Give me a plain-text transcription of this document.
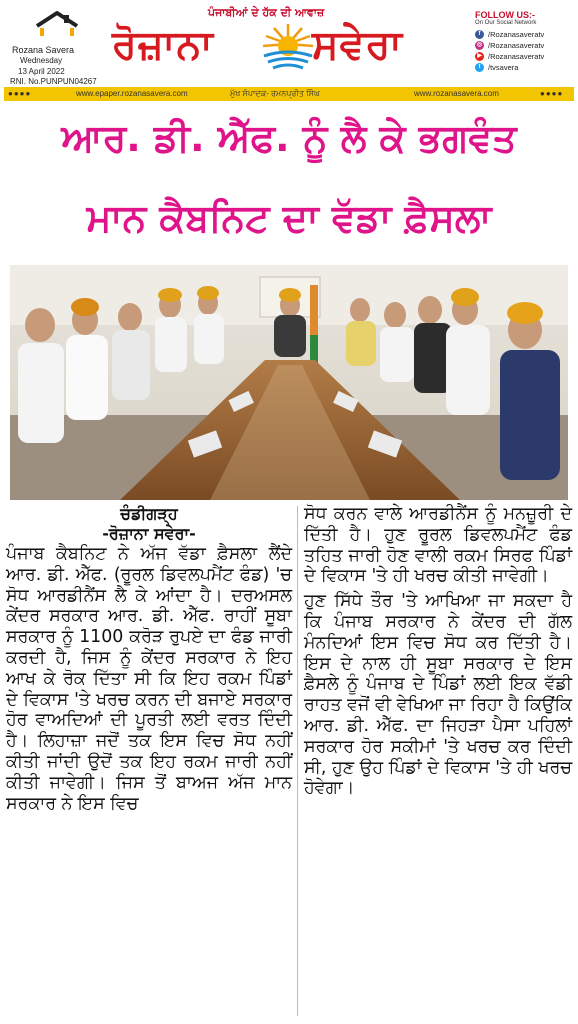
Rozana Savera
Wednesday
13 April 2022
RNI. No.PUNPUN04267
ਪੰਜਾਬੀਆਂ ਦੇ ਹੱਕ ਦੀ ਆਵਾਜ਼
ਰੋਜ਼ਾਨਾ ਸਵੇਰਾ
FOLLOW US:-
On Our Social Network
f	/Rozanasaveratv
◎ /Rozanasaveratv
▶ /Rozanasaveratv
t	/tvsavera
●●●●	www.epaper.rozanasavera.com	ਮੁੱਖ ਸੰਪਾਦਕ- ਰਮਨਪ੍ਰੀਤ ਸਿੰਘ	www.rozanasavera.com	●●●●
ਆਰ. ਡੀ. ਐੱਫ. ਨੂੰ ਲੈ ਕੇ ਭਗਵੰਤ
ਮਾਨ ਕੈਬਨਿਟ ਦਾ ਵੱਡਾ ਫ਼ੈਸਲਾ
ਚੰਡੀਗੜ੍ਹ
-ਰੋਜ਼ਾਨਾ ਸਵੇਰਾ-

ਪੰਜਾਬ ਕੈਬਨਿਟ ਨੇ ਅੱਜ ਵੱਡਾ ਫ਼ੈਸਲਾ ਲੈਂਦੇ ਆਰ. ਡੀ. ਐੱਫ. (ਰੂਰਲ ਡਿਵਲਪਮੈਂਟ ਫੰਡ) 'ਚ ਸੋਧ ਆਰਡੀਨੈਂਸ ਲੈ ਕੇ ਆਂਦਾ ਹੈ। ਦਰਅਸਲ ਕੇਂਦਰ ਸਰਕਾਰ ਆਰ. ਡੀ. ਐੱਫ. ਰਾਹੀਂ ਸੂਬਾ ਸਰਕਾਰ ਨੂੰ 1100 ਕਰੋੜ ਰੁਪਏ ਦਾ ਫੰਡ ਜਾਰੀ ਕਰਦੀ ਹੈ, ਜਿਸ ਨੂੰ ਕੇਂਦਰ ਸਰਕਾਰ ਨੇ ਇਹ ਆਖ ਕੇ ਰੋਕ ਦਿੱਤਾ ਸੀ ਕਿ ਇਹ ਰਕਮ ਪਿੰਡਾਂ ਦੇ ਵਿਕਾਸ 'ਤੇ ਖਰਚ ਕਰਨ ਦੀ ਬਜਾਏ ਸਰਕਾਰ ਹੋਰ ਵਾਅਦਿਆਂ ਦੀ ਪੂਰਤੀ ਲਈ ਵਰਤ ਦਿੰਦੀ ਹੈ। ਲਿਹਾਜ਼ਾ ਜਦੋਂ ਤਕ ਇਸ ਵਿਚ ਸੋਧ ਨਹੀਂ ਕੀਤੀ ਜਾਂਦੀ ਉਦੋਂ ਤਕ ਇਹ ਰਕਮ ਜਾਰੀ ਨਹੀਂ ਕੀਤੀ ਜਾਵੇਗੀ। ਜਿਸ ਤੋਂ ਬਾਅਜ ਅੱਜ ਮਾਨ ਸਰਕਾਰ ਨੇ ਇਸ ਵਿਚ

ਸੋਧ ਕਰਨ ਵਾਲੇ ਆਰਡੀਨੈਂਸ ਨੂੰ ਮਨਜ਼ੂਰੀ ਦੇ ਦਿੱਤੀ ਹੈ। ਹੁਣ ਰੂਰਲ ਡਿਵਲਪਮੈਂਟ ਫੰਡ ਤਹਿਤ ਜਾਰੀ ਹੋਣ ਵਾਲੀ ਰਕਮ ਸਿਰਫ ਪਿੰਡਾਂ ਦੇ ਵਿਕਾਸ 'ਤੇ ਹੀ ਖਰਚ ਕੀਤੀ ਜਾਵੇਗੀ।

ਹੁਣ ਸਿੱਧੇ ਤੌਰ 'ਤੇ ਆਖਿਆ ਜਾ ਸਕਦਾ ਹੈ ਕਿ ਪੰਜਾਬ ਸਰਕਾਰ ਨੇ ਕੇਂਦਰ ਦੀ ਗੱਲ ਮੰਨਦਿਆਂ ਇਸ ਵਿਚ ਸੋਧ ਕਰ ਦਿੱਤੀ ਹੈ। ਇਸ ਦੇ ਨਾਲ ਹੀ ਸੂਬਾ ਸਰਕਾਰ ਦੇ ਇਸ ਫ਼ੈਸਲੇ ਨੂੰ ਪੰਜਾਬ ਦੇ ਪਿੰਡਾਂ ਲਈ ਇਕ ਵੱਡੀ ਰਾਹਤ ਵਜੋਂ ਵੀ ਵੇਖਿਆ ਜਾ ਰਿਹਾ ਹੈ ਕਿਉਂਕਿ ਆਰ. ਡੀ. ਐੱਫ. ਦਾ ਜਿਹੜਾ ਪੈਸਾ ਪਹਿਲਾਂ ਸਰਕਾਰ ਹੋਰ ਸਕੀਮਾਂ 'ਤੇ ਖਰਚ ਕਰ ਦਿੰਦੀ ਸੀ, ਹੁਣ ਉਹ ਪਿੰਡਾਂ ਦੇ ਵਿਕਾਸ 'ਤੇ ਹੀ ਖਰਚ ਹੋਵੇਗਾ।
